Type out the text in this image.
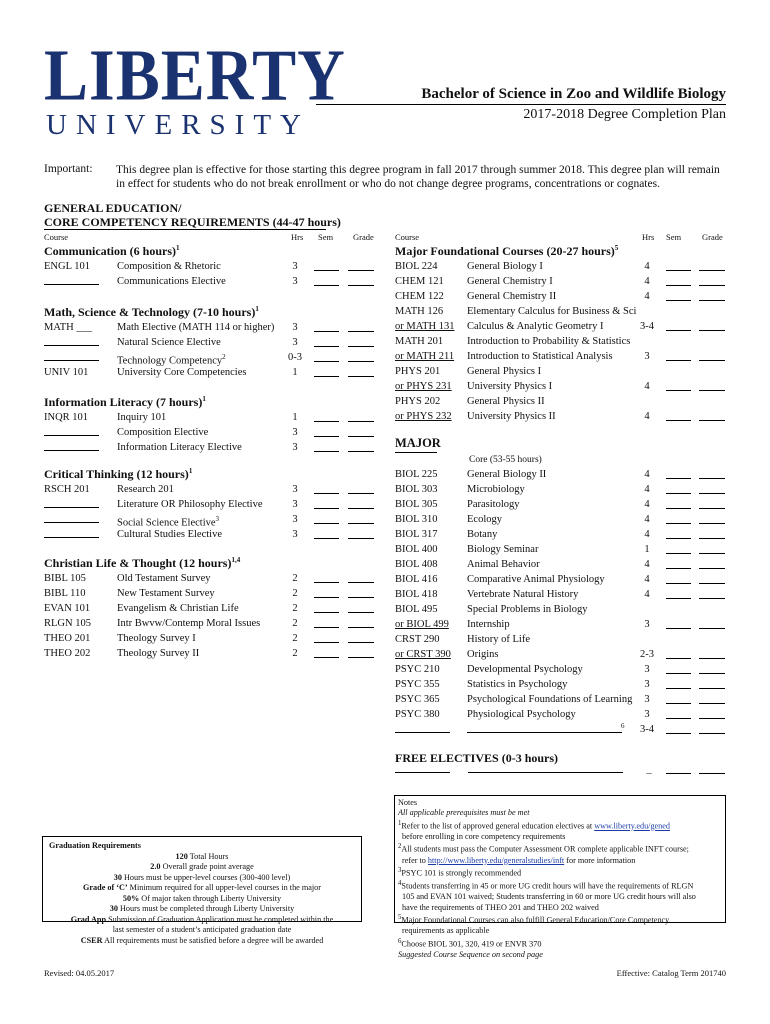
LIBERTY
UNIVERSITY
Bachelor of Science in Zoo and Wildlife Biology
2017-2018 Degree Completion Plan
Important: This degree plan is effective for those starting this degree program in fall 2017 through summer 2018. This degree plan will remain in effect for students who do not break enrollment or who do not change degree programs, concentrations or cognates.
GENERAL EDUCATION/
CORE COMPETENCY REQUIREMENTS (44-47 hours)
Course	Hrs Sem Grade Course	Hrs Sem Grade
Communication (6 hours)$^1$
ENGL 101	Composition & Rhetoric	3
Communications Elective	3
Math, Science & Technology (7-10 hours)$^1$
MATH ___ Math Elective (MATH 114 or higher)	3
Natural Science Elective	3
Technology Competency$^2$	0-3
UNIV 101	University Core Competencies	1
Information Literacy (7 hours)$^1$
INQR 101	Inquiry 101	1
Composition Elective	3
Information Literacy Elective	3
Critical Thinking (12 hours)$^1$
RSCH 201	Research 201	3
Literature OR Philosophy Elective	3
Social Science Elective$^3$	3
Cultural Studies Elective	3
Christian Life & Thought (12 hours)$^{1,4}$
BIBL 105	Old Testament Survey	2
BIBL 110	New Testament Survey	2
EVAN 101	Evangelism & Christian Life	2
RLGN 105 Intr Bwvw/Contemp Moral Issues	2
THEO 201	Theology Survey I	2
THEO 202	Theology Survey II	2
Major Foundational Courses (20-27 hours)$^5$
BIOL 224	General Biology I	4
CHEM 121 General Chemistry I	4
CHEM 122 General Chemistry II	4
MATH 126 Elementary Calculus for Business & Sci
or MATH 131 Calculus & Analytic Geometry I	3-4
MATH 201 Introduction to Probability & Statistics
or MATH 211 Introduction to Statistical Analysis	3
PHYS 201	General Physics I
or PHYS 231 University Physics I	4
PHYS 202	General Physics II
or PHYS 232 University Physics II	4
MAJOR
Core (53-55 hours)
BIOL 225	General Biology II	4
BIOL 303	Microbiology	4
BIOL 305	Parasitology	4
BIOL 310	Ecology	4
BIOL 317	Botany	4
BIOL 400	Biology Seminar	1
BIOL 408	Animal Behavior	4
BIOL 416	Comparative Animal Physiology	4
BIOL 418	Vertebrate Natural History	4
BIOL 495	Special Problems in Biology
or BIOL 499 Internship	3
CRST 290	History of Life
or CRST 390 Origins	2-3
PSYC 210	Developmental Psychology	3
PSYC 355	Statistics in Psychology	3
PSYC 365	Psychological Foundations of Learning	3
PSYC 380	Physiological Psychology	3
6	3-4
FREE ELECTIVES (0-3 hours)
_
Notes
All applicable prerequisites must be met
$^1$Refer to the list of approved general education electives at www.liberty.edu/gened
before enrolling in core competency requirements
$^2$All students must pass the Computer Assessment OR complete applicable INFT course;
refer to http://www.liberty.edu/generalstudies/inft for more information
$^3$PSYC 101 is strongly recommended
$^4$Students transferring in 45 or more UG credit hours will have the requirements of RLGN
105 and EVAN 101 waived; Students transferring in 60 or more UG credit hours will also
have the requirements of THEO 201 and THEO 202 waived
$^5$Major Foundational Courses can also fulfill General Education/Core Competency
requirements as applicable
$^6$Choose BIOL 301, 320, 419 or ENVR 370
Suggested Course Sequence on second page
Graduation Requirements
120 Total Hours
2.0 Overall grade point average
30 Hours must be upper-level courses (300-400 level)
Grade of ‘C’ Minimum required for all upper-level courses in the major
50% Of major taken through Liberty University
30 Hours must be completed through Liberty University
Grad App Submission of Graduation Application must be completed within the
last semester of a student’s anticipated graduation date
CSER All requirements must be satisfied before a degree will be awarded
Revised: 04.05.2017	Effective: Catalog Term 201740
